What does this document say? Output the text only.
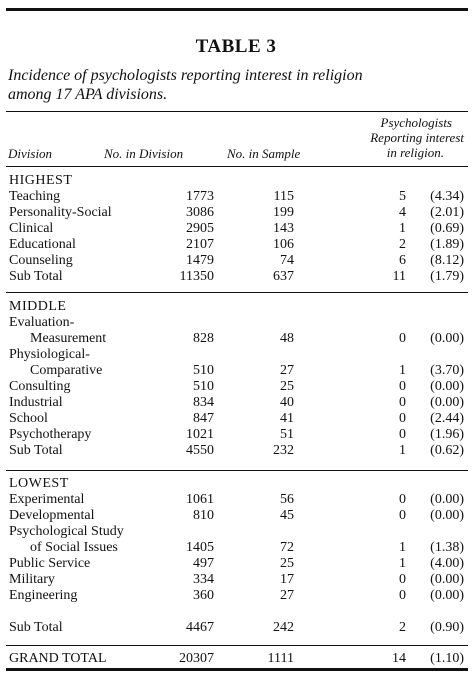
TABLE 3
Incidence of psychologists reporting interest in religion
among 17 APA divisions.
Division	No. in Division	No. in Sample
Psychologists
Reporting interest
in religion.
HIGHEST
Teaching	1773	115	5	(4.34)
Personality-Social	3086	199	4	(2.01)
Clinical	2905	143	1	(0.69)
Educational	2107	106	2	(1.89)
Counseling	1479	74	6	(8.12)
Sub Total	11350	637	11	(1.79)
MIDDLE
Evaluation-
Measurement	828	48	0	(0.00)
Physiological-
Comparative	510	27	1	(3.70)
Consulting	510	25	0	(0.00)
Industrial	834	40	0	(0.00)
School	847	41	0	(2.44)
Psychotherapy	1021	51	0	(1.96)
Sub Total	4550	232	1	(0.62)
LOWEST
Experimental	1061	56	0	(0.00)
Developmental	810	45	0	(0.00)
Psychological Study
of Social Issues	1405	72	1	(1.38)
Public Service	497	25	1	(4.00)
Military	334	17	0	(0.00)
Engineering	360	27	0	(0.00)
Sub Total	4467	242	2	(0.90)
GRAND TOTAL	20307	1111	14	(1.10)
